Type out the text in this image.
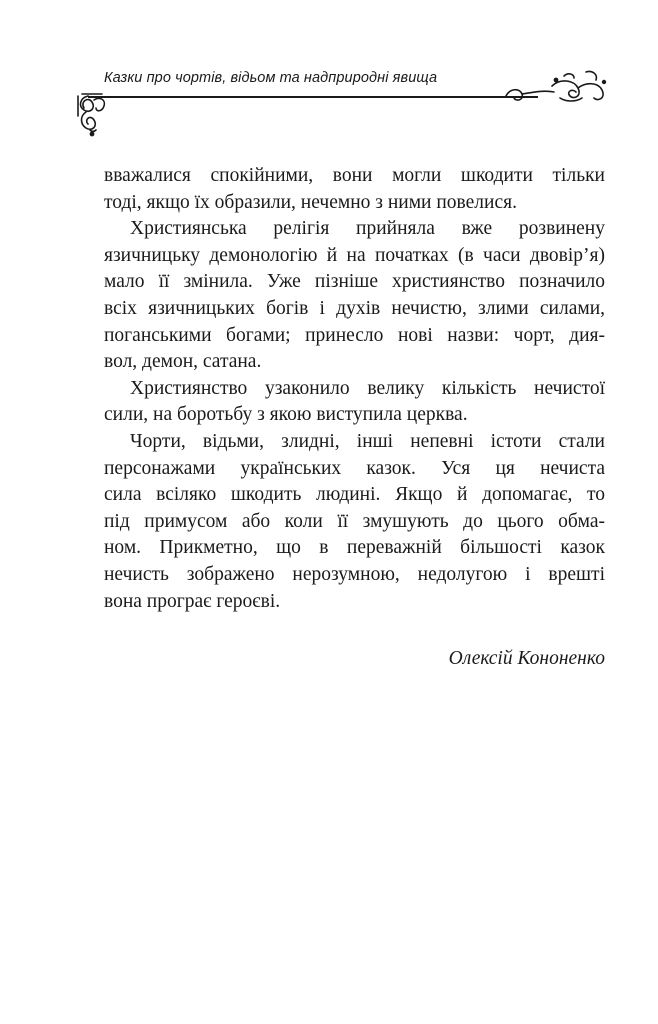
Казки про чортів, відьом та надприродні явища
вважалися спокійними, вони могли шкодити тільки
тоді, якщо їх образили, нечемно з ними повелися.
Християнська релігія прийняла вже розвинену
язичницьку демонологію й на початках (в часи двовір’я)
мало її змінила. Уже пізніше християнство позначило
всіх язичницьких богів і духів нечистю, злими силами,
поганськими богами; принесло нові назви: чорт, дия-
вол, демон, сатана.
Християнство узаконило велику кількість нечистої
сили, на боротьбу з якою виступила церква.
Чорти, відьми, злидні, інші непевні істоти стали
персонажами українських казок. Уся ця нечиста
сила всіляко шкодить людині. Якщо й допомагає, то
під примусом або коли її змушують до цього обма-
ном. Прикметно, що в переважній більшості казок
нечисть зображено нерозумною, недолугою і врешті
вона програє героєві.
Олексій Кононенко
